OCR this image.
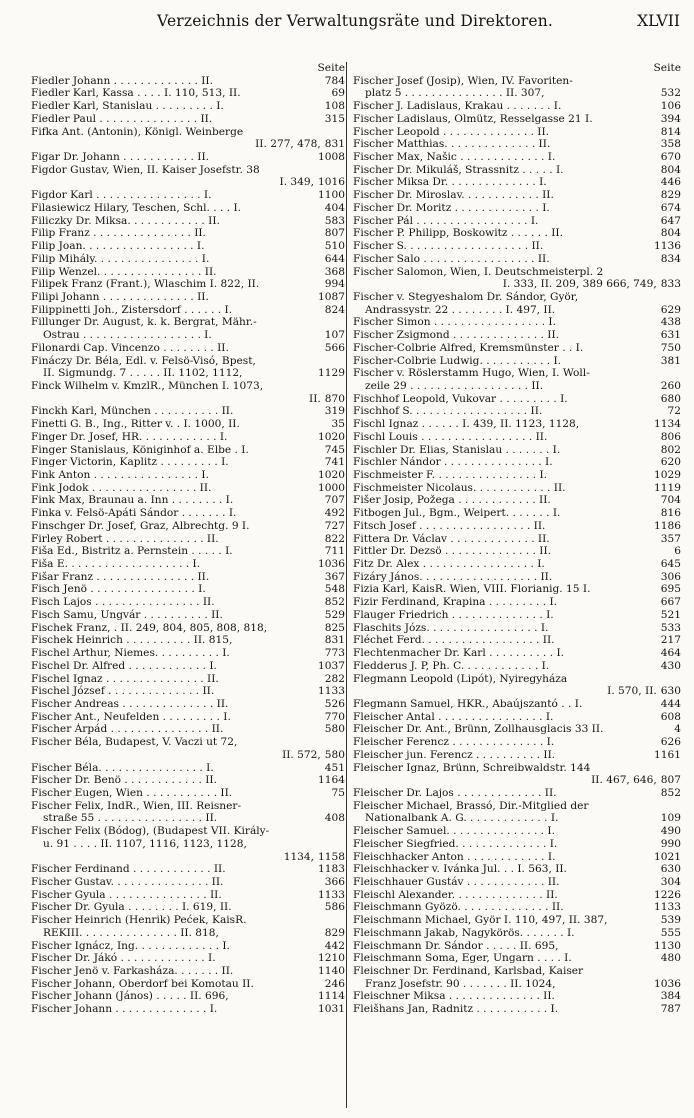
Verzeichnis der Verwaltungsräte und Direktoren.	XLVII
Seite
Fiedler Johann . . . . . . . . . . . . . II.	784
Fiedler Karl, Kassa . . . . I. 110, 513, II.	69
Fiedler Karl, Stanislau . . . . . . . . . I.	108
Fiedler Paul . . . . . . . . . . . . . . . II.	315
Fifka Ant. (Antonin), Königl. Weinberge
II. 277, 478, 831
Figar Dr. Johann . . . . . . . . . . . II.	1008
Figdor Gustav, Wien, II. Kaiser Josefstr. 38
I. 349, 1016
Figdor Karl . . . . . . . . . . . . . . . . I.	1100
Filasiewicz Hilary, Teschen, Schl. . . . I.	404
Filiczky Dr. Miksa. . . . . . . . . . . . II.	583
Filip Franz . . . . . . . . . . . . . . . II.	807
Filip Joan. . . . . . . . . . . . . . . . . I.	510
Filip Mihály. . . . . . . . . . . . . . . . I.	644
Filip Wenzel. . . . . . . . . . . . . . . . II.	368
Filipek Franz (Frant.), Wlaschim I. 822, II.	994
Filipi Johann . . . . . . . . . . . . . . II.	1087
Filippinetti Joh., Zistersdorf . . . . . . I.	824
Fillunger Dr. August, k. k. Bergrat, Mähr.-
Ostrau . . . . . . . . . . . . . . . . . . I.	107
Filonardi Cap. Vincenzo . . . . . . . . II.	566
Fináczy Dr. Béla, Edl. v. Felsö-Visó, Bpest,
II. Sigmundg. 7 . . . . . II. 1102, 1112,	1129
Finck Wilhelm v. KmzlR., München I. 1073,
II. 870
Finckh Karl, München . . . . . . . . . . II.	319
Finetti G. B., Ing., Ritter v. . I. 1000, II.	35
Finger Dr. Josef, HR. . . . . . . . . . . . I.	1020
Finger Stanislaus, Königinhof a. Elbe . I.	745
Finger Victorin, Kaplitz . . . . . . . . . I.	741
Fink Anton . . . . . . . . . . . . . . . . I.	1020
Fink Jodok . . . . . . . . . . . . . . . . II.	1000
Fink Max, Braunau a. Inn . . . . . . . . I.	707
Finka v. Felsö-Apáti Sándor . . . . . . . I.	492
Finschger Dr. Josef, Graz, Albrechtg. 9 I.	727
Firley Robert . . . . . . . . . . . . . . . II.	822
Fiša Ed., Bistritz a. Pernstein . . . . . I.	711
Fiša E. . . . . . . . . . . . . . . . . . . I.	1036
Fišar Franz . . . . . . . . . . . . . . . II.	367
Fisch Jenö . . . . . . . . . . . . . . . . I.	548
Fisch Lajos . . . . . . . . . . . . . . . . II.	852
Fisch Samu, Ungvár . . . . . . . . . . II.	529
Fischek Franz, . II. 249, 804, 805, 808, 818,	825
Fischek Heinrich . . . . . . . . . . II. 815,	831
Fischel Arthur, Niemes. . . . . . . . . . I.	773
Fischel Dr. Alfred . . . . . . . . . . . . I.	1037
Fischel Ignaz . . . . . . . . . . . . . . . II.	282
Fischel József . . . . . . . . . . . . . . II.	1133
Fischer Andreas . . . . . . . . . . . . . . II.	526
Fischer Ant., Neufelden . . . . . . . . . I.	770
Fischer Árpád . . . . . . . . . . . . . . . II.	580
Fischer Béla, Budapest, V. Vaczi ut 72,
II. 572, 580
Fischer Béla. . . . . . . . . . . . . . . . I.	451
Fischer Dr. Benö . . . . . . . . . . . . II.	1164
Fischer Eugen, Wien . . . . . . . . . . . II.	75
Fischer Felix, IndR., Wien, III. Reisner-
straße 55 . . . . . . . . . . . . . . . . II.	408
Fischer Felix (Bódog), (Budapest VII. Király-
u. 91 . . . . II. 1107, 1116, 1123, 1128,
1134, 1158
Fischer Ferdinand . . . . . . . . . . . . II.	1183
Fischer Gustav. . . . . . . . . . . . . . . II.	366
Fischer Gyula . . . . . . . . . . . . . . . II.	1133
Fischer Dr. Gyula . . . . . . . . I. 619, II.	586
Fischer Heinrich (Henrik) Pećek, KaisR.
REKIII. . . . . . . . . . . . . . . II. 818,	829
Fischer Ignácz, Ing. . . . . . . . . . . . . I.	442
Fischer Dr. Jákó . . . . . . . . . . . . . I.	1210
Fischer Jenö v. Farkasháza. . . . . . . II.	1140
Fischer Johann, Oberdorf bei Komotau II.	246
Fischer Johann (János) . . . . . II. 696,	1114
Fischer Johann . . . . . . . . . . . . . . I.	1031
Seite
Fischer Josef (Josip), Wien, IV. Favoriten-
platz 5 . . . . . . . . . . . . . . . II. 307,	532
Fischer J. Ladislaus, Krakau . . . . . . . I.	106
Fischer Ladislaus, Olmütz, Resselgasse 21 I.	394
Fischer Leopold . . . . . . . . . . . . . . II.	814
Fischer Matthias. . . . . . . . . . . . . . II.	358
Fischer Max, Našic . . . . . . . . . . . . . I.	670
Fischer Dr. Mikuláš, Strassnitz . . . . . I.	804
Fischer Miksa Dr. . . . . . . . . . . . . . I.	446
Fischer Dr. Miroslav. . . . . . . . . . . . II.	829
Fischer Dr. Moritz . . . . . . . . . . . . . I.	674
Fischer Pál . . . . . . . . . . . . . . . . . I.	647
Fischer P. Philipp, Boskowitz . . . . . . II.	804
Fischer S. . . . . . . . . . . . . . . . . . . II.	1136
Fischer Salo . . . . . . . . . . . . . . . . . II.	834
Fischer Salomon, Wien, I. Deutschmeisterpl. 2
I. 333, II. 209, 389 666, 749, 833
Fischer v. Stegyeshalom Dr. Sándor, Györ,
Andrassystr. 22 . . . . . . . . I. 497, II.	629
Fischer Simon . . . . . . . . . . . . . . . . . I.	438
Fischer Zsigmond . . . . . . . . . . . . . . II.	631
Fischer-Colbrie Alfred, Kremsmünster . . I.	750
Fischer-Colbrie Ludwig. . . . . . . . . . . I.	381
Fischer v. Röslerstamm Hugo, Wien, I. Woll-
zeile 29 . . . . . . . . . . . . . . . . . . II.	260
Fischhof Leopold, Vukovar . . . . . . . . . I.	680
Fischhof S. . . . . . . . . . . . . . . . . . II.	72
Fischl Ignaz . . . . . . I. 439, II. 1123, 1128,	1134
Fischl Louis . . . . . . . . . . . . . . . . . II.	806
Fischler Dr. Elias, Stanislau . . . . . . . I.	802
Fischler Nándor . . . . . . . . . . . . . . . I.	620
Fischmeister F. . . . . . . . . . . . . . . . I.	1029
Fischmeister Nicolaus. . . . . . . . . . . . II.	1119
Fišer Josip, Požega . . . . . . . . . . . . II.	704
Fitbogen Jul., Bgm., Weipert. . . . . . . I.	816
Fitsch Josef . . . . . . . . . . . . . . . . . II.	1186
Fittera Dr. Václav . . . . . . . . . . . . . II.	357
Fittler Dr. Dezsö . . . . . . . . . . . . . . II.	6
Fitz Dr. Alex . . . . . . . . . . . . . . . . . I.	645
Fizáry János. . . . . . . . . . . . . . . . . . II.	306
Fizia Karl, KaisR. Wien, VIII. Florianig. 15 I.	695
Fizir Ferdinand, Krapina . . . . . . . . . I.	667
Flauger Friedrich . . . . . . . . . . . . . . I.	521
Flaschits Józs. . . . . . . . . . . . . . . . . I.	533
Fléchet Ferd. . . . . . . . . . . . . . . . . . II.	217
Flechtenmacher Dr. Karl . . . . . . . . . . I.	464
Fledderus J. P, Ph. C. . . . . . . . . . . . I.	430
Flegmann Leopold (Lipót), Nyiregyháza
I. 570, II. 630
Flegmann Samuel, HKR., Abaújszantó . . I.	444
Fleischer Antal . . . . . . . . . . . . . . . . I.	608
Fleischer Dr. Ant., Brünn, Zollhausglacis 33 II.	4
Fleischer Ferencz . . . . . . . . . . . . . . I.	626
Fleischer jun. Ferencz . . . . . . . . . . II.	1161
Fleischer Ignaz, Brünn, Schreibwaldstr. 144
II. 467, 646, 807
Fleischer Dr. Lajos . . . . . . . . . . . . . II.	852
Fleischer Michael, Brassó, Dir.-Mitglied der
Nationalbank A. G. . . . . . . . . . . . . I.	109
Fleischer Samuel. . . . . . . . . . . . . . . I.	490
Fleischer Siegfried. . . . . . . . . . . . . . I.	990
Fleischhacker Anton . . . . . . . . . . . . I.	1021
Fleischhacker v. Ivánka Jul. . . I. 563, II.	630
Fleischhauer Gustáv . . . . . . . . . . . . II.	304
Fleischl Alexander. . . . . . . . . . . . . . II.	1226
Fleischmann Gyözö. . . . . . . . . . . . . . II.	1133
Fleischmann Michael, Györ I. 110, 497, II. 387,	539
Fleischmann Jakab, Nagykörös. . . . . . . I.	555
Fleischmann Dr. Sándor . . . . . II. 695,	1130
Fleischmann Soma, Eger, Ungarn . . . . I.	480
Fleischner Dr. Ferdinand, Karlsbad, Kaiser
Franz Josefstr. 90 . . . . . . . II. 1024,	1036
Fleischner Miksa . . . . . . . . . . . . . . II.	384
Fleišhans Jan, Radnitz . . . . . . . . . . . I.	787
